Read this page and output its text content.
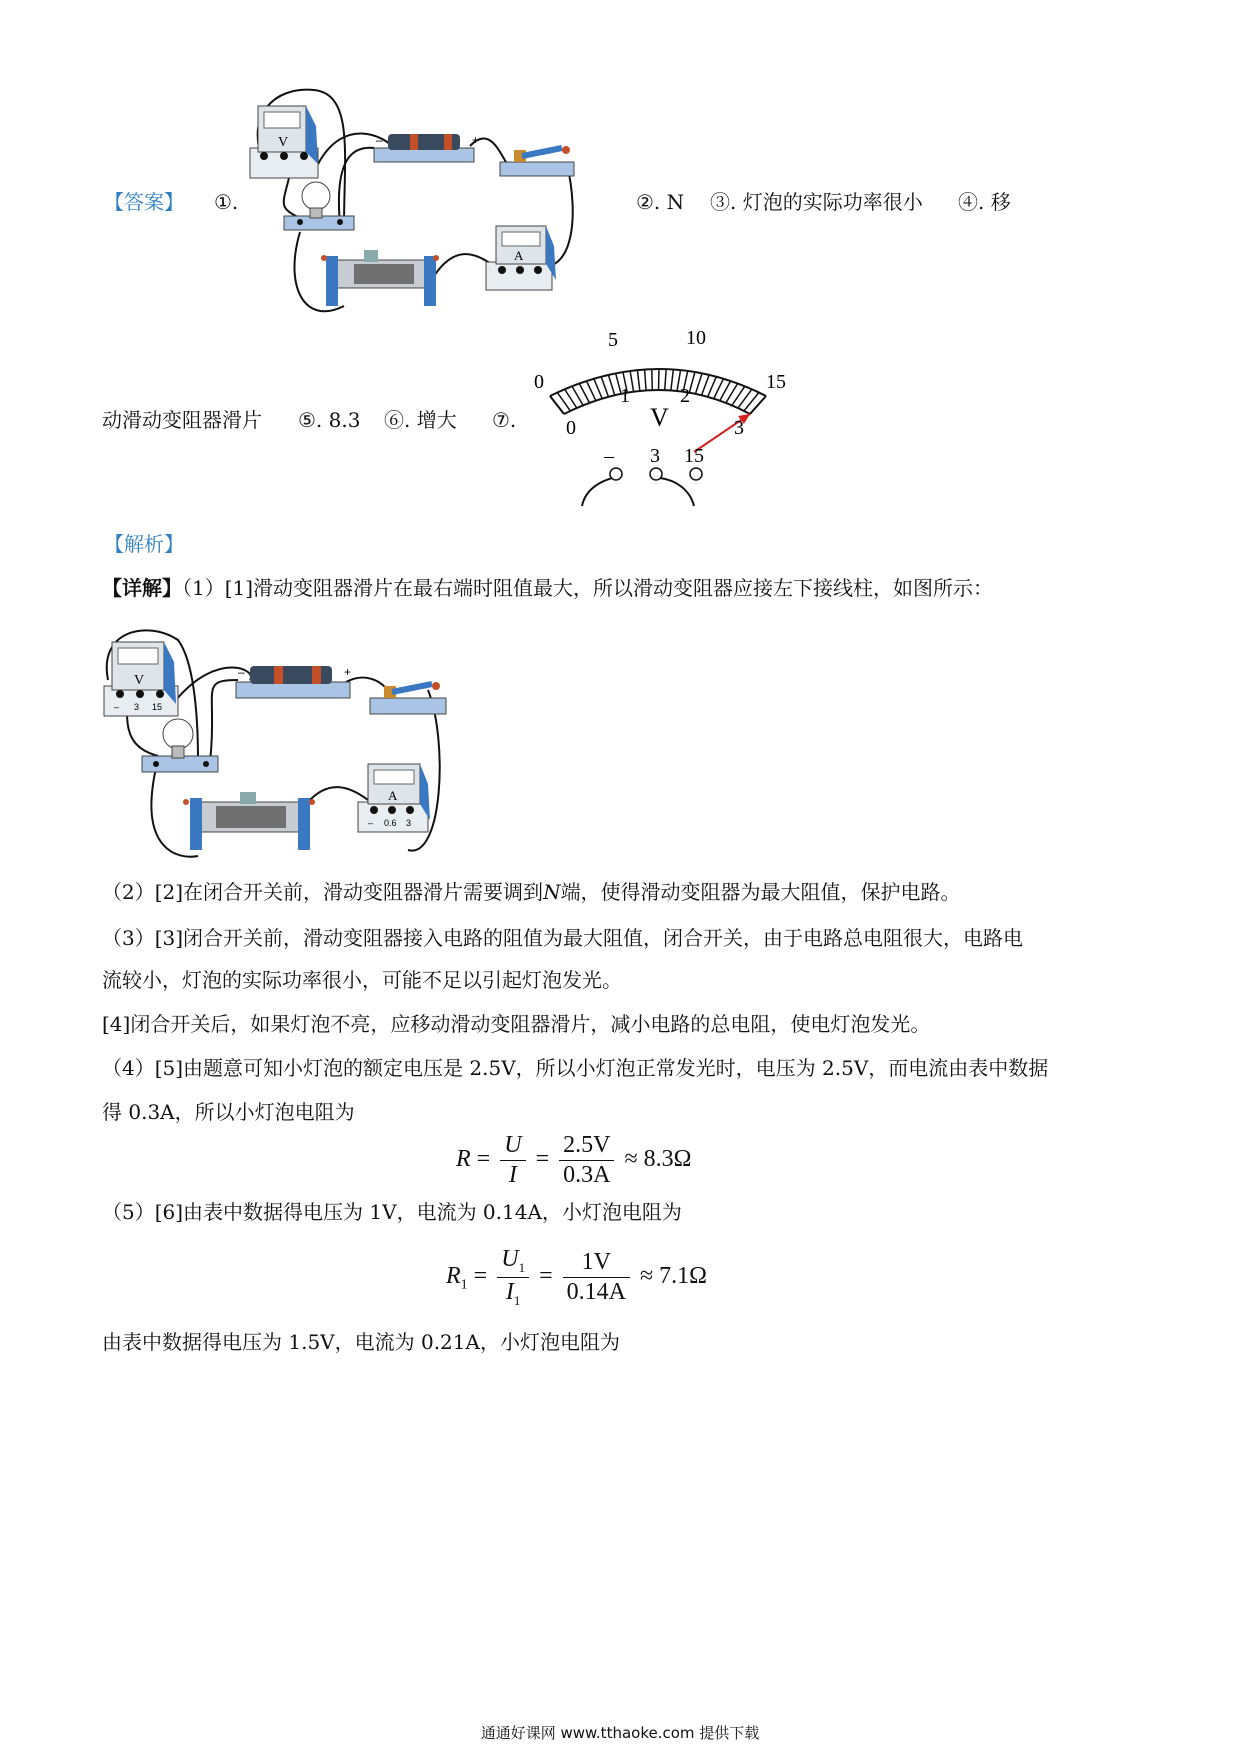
【答案】 ①.	②. N ③. 灯泡的实际功率很小 ④. 移
V	–	+
A
动滑动变阻器滑片 ⑤. 8.3 ⑥. 增大 ⑦.
0
5	10
15
0
1	2
3
V
– 3 15
【解析】
【详解】（1）[1]滑动变阻器滑片在最右端时阻值最大，所以滑动变阻器应接左下接线柱，如图所示：
V
– 3 15
–	+
A
– 0.6 3
（2）[2]在闭合开关前，滑动变阻器滑片需要调到N端，使得滑动变阻器为最大阻值，保护电路。
（3）[3]闭合开关前，滑动变阻器接入电路的阻值为最大阻值，闭合开关，由于电路总电阻很大，电路电
流较小，灯泡的实际功率很小，可能不足以引起灯泡发光。
[4]闭合开关后，如果灯泡不亮，应移动滑动变阻器滑片，减小电路的总电阻，使电灯泡发光。
（4）[5]由题意可知小灯泡的额定电压是 2.5V，所以小灯泡正常发光时，电压为 2.5V，而电流由表中数据
得 0.3A，所以小灯泡电阻为
$R = \frac{U}{I} = \frac{2.5V}{0.3A} \approx 8.3\Omega$
（5）[6]由表中数据得电压为 1V，电流为 0.14A，小灯泡电阻为
$R_1 = \frac{U_1}{I_1} = \frac{1V}{0.14A} \approx 7.1\Omega$
由表中数据得电压为 1.5V，电流为 0.21A，小灯泡电阻为
通通好课网 www.tthaoke.com 提供下载
